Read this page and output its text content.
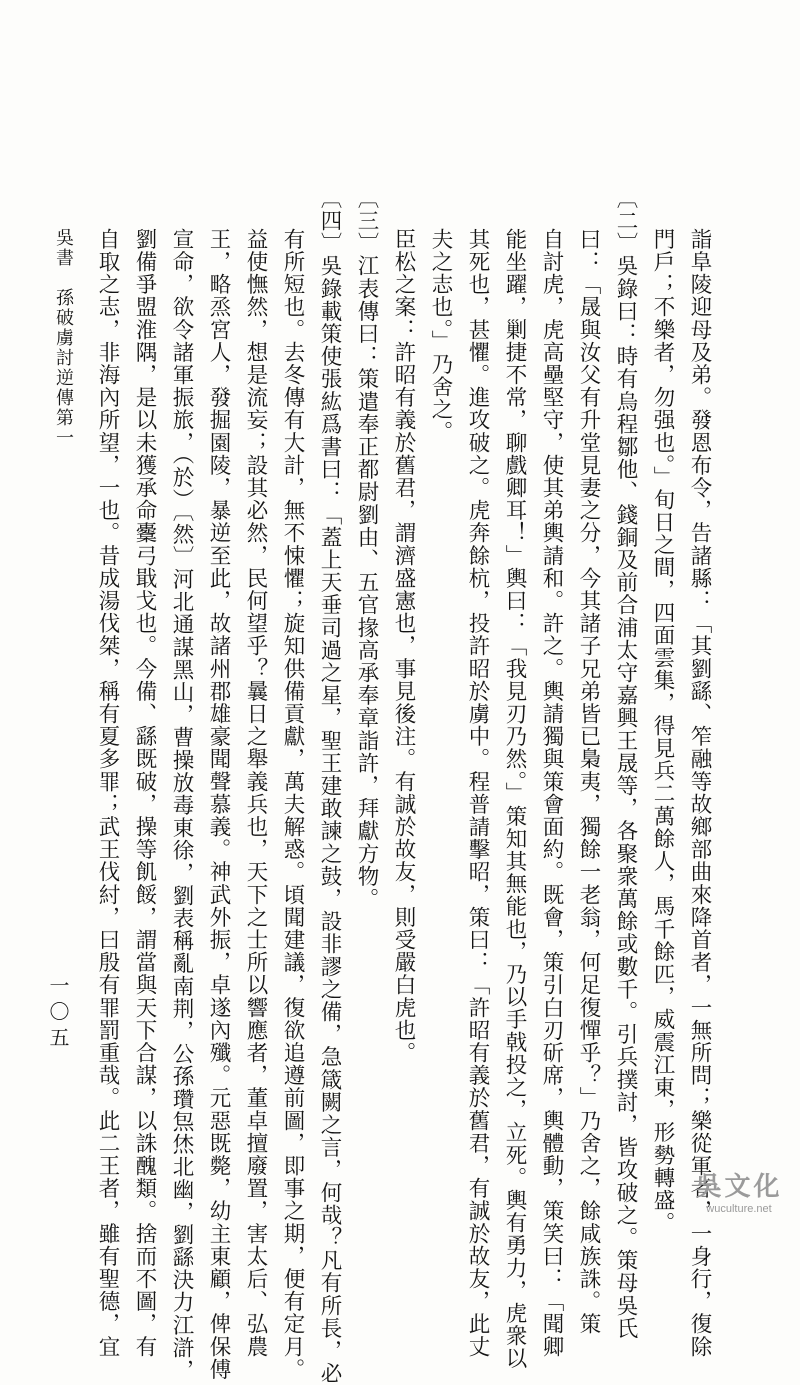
詣阜陵迎母及弟。發恩布令，告諸縣：「其劉繇、笮融等故鄉部曲來降首者，一無所問；樂從軍者，一身行，復除
門戶；不樂者，勿强也。」旬日之間，四面雲集，得見兵二萬餘人，馬千餘匹，威震江東，形勢轉盛。
〔二〕吳錄曰：時有烏程鄒他、錢銅及前合浦太守嘉興王晟等，各聚衆萬餘或數千。引兵撲討，皆攻破之。策母吳氏
曰：「晟與汝父有升堂見妻之分，今其諸子兄弟皆已梟夷，獨餘一老翁，何足復憚乎？」乃舍之，餘咸族誅。策
自討虎，虎高壘堅守，使其弟輿請和。許之。輿請獨與策會面約。既會，策引白刃斫席，輿體動，策笑曰：「聞卿
能坐躍，剿捷不常，聊戲卿耳！」輿曰：「我見刃乃然。」策知其無能也，乃以手戟投之，立死。輿有勇力，虎衆以
其死也，甚懼。進攻破之。虎奔餘杭，投許昭於虜中。程普請擊昭，策曰：「許昭有義於舊君，有誠於故友，此丈
夫之志也。」乃舍之。
臣松之案：許昭有義於舊君，謂濟盛憲也，事見後注。有誠於故友，則受嚴白虎也。
〔三〕江表傳曰：策遣奉正都尉劉由、五官掾高承奉章詣許，拜獻方物。
〔四〕吳錄載策使張紘爲書曰：「蓋上天垂司過之星，聖王建敢諫之鼓，設非謬之備，急箴闕之言，何哉？凡有所長，必
有所短也。去冬傳有大計，無不悚懼；旋知供備貢獻，萬夫解惑。頃聞建議，復欲追遵前圖，即事之期，便有定月。
益使憮然，想是流妄；設其必然，民何望乎？曩日之舉義兵也，天下之士所以響應者，董卓擅廢置，害太后、弘農
王，略烝宮人，發掘園陵，暴逆至此，故諸州郡雄豪聞聲慕義。神武外振，卓遂內殲。元惡既斃，幼主東顧，俾保傅
宣命，欲令諸軍振旅，（於）〔然〕河北通謀黑山，曹操放毒東徐，劉表稱亂南荆，公孫瓚炰烋北幽，劉繇決力江滸，
劉備爭盟淮隅，是以未獲承命櫜弓戢戈也。今備、繇既破，操等飢餒，謂當與天下合謀，以誅醜類。捨而不圖，有
自取之志，非海內所望，一也。昔成湯伐桀，稱有夏多罪；武王伐紂，曰殷有罪罰重哉。此二王者，雖有聖德，宜
吳書　孫破虜討逆傳第一
一〇五
吳文化
wuculture.net
